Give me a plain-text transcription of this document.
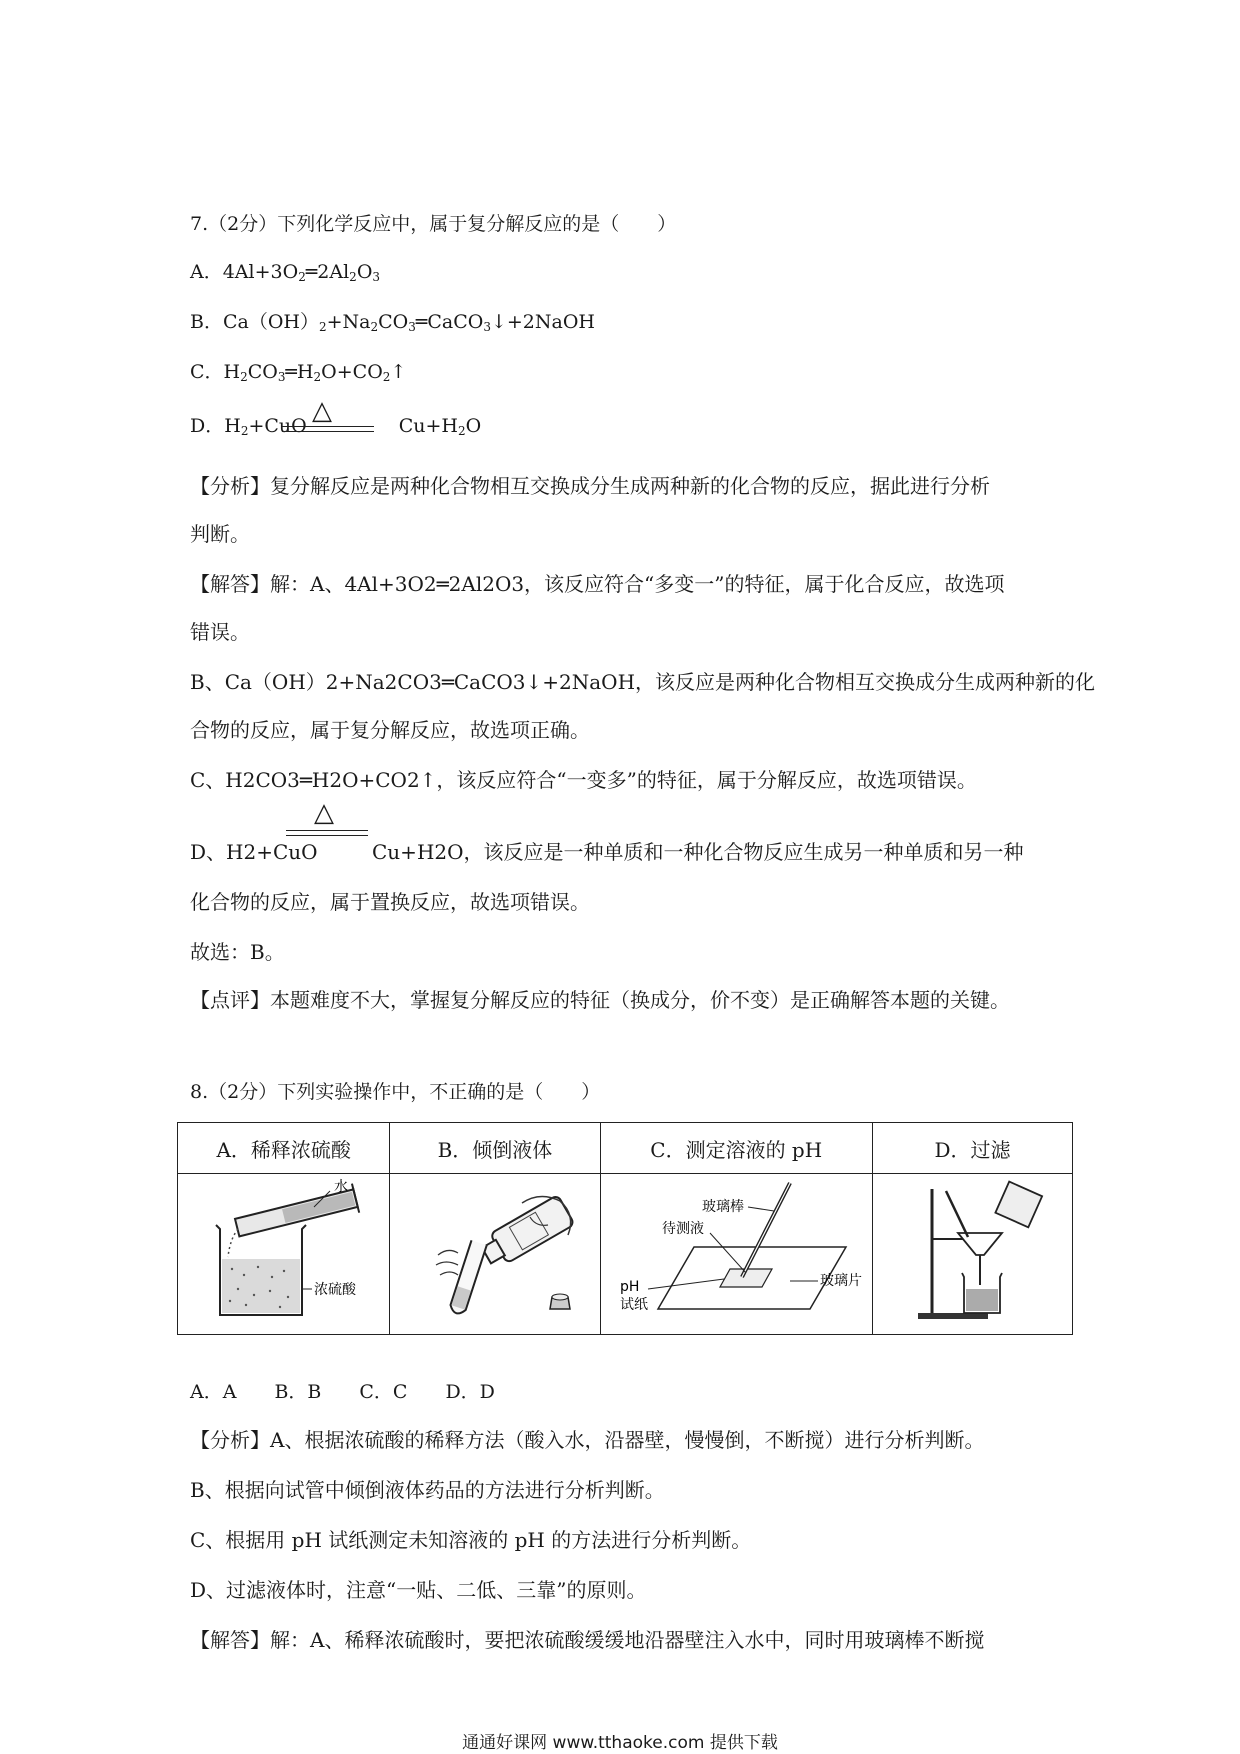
7.（2分）下列化学反应中，属于复分解反应的是（　　）
A．$4Al+3O_2═2Al_2O_3$
B．$Ca(OH)_2+Na_2CO_3═CaCO_3↓+2NaOH$
C．$H_2CO_3═H_2O+CO_2↑$
D．$H_2+CuO$	$Cu+H_2O$
△
【分析】复分解反应是两种化合物相互交换成分生成两种新的化合物的反应，据此进行分析
判断。
【解答】解：A、4Al+3O2═2Al2O3，该反应符合“多变一”的特征，属于化合反应，故选项
错误。
B、Ca（OH）2+Na2CO3═CaCO3↓+2NaOH，该反应是两种化合物相互交换成分生成两种新的化
合物的反应，属于复分解反应，故选项正确。
C、H2CO3═H2O+CO2↑，该反应符合“一变多”的特征，属于分解反应，故选项错误。
△
D、H2+CuO	Cu+H2O，该反应是一种单质和一种化合物反应生成另一种单质和另一种
化合物的反应，属于置换反应，故选项错误。
故选：B。
【点评】本题难度不大，掌握复分解反应的特征（换成分，价不变）是正确解答本题的关键。
8.（2分）下列实验操作中，不正确的是（　　）
A．稀释浓硫酸	B．倾倒液体	C．测定溶液的 pH	D．过滤

水
浓硫酸		玻璃棒
待测液
玻璃片
pH
试纸

A．A　　B．B　　C．C　　D．D
【分析】A、根据浓硫酸的稀释方法（酸入水，沿器壁，慢慢倒，不断搅）进行分析判断。
B、根据向试管中倾倒液体药品的方法进行分析判断。
C、根据用 pH 试纸测定未知溶液的 pH 的方法进行分析判断。
D、过滤液体时，注意“一贴、二低、三靠”的原则。
【解答】解：A、稀释浓硫酸时，要把浓硫酸缓缓地沿器壁注入水中，同时用玻璃棒不断搅
通通好课网 www.tthaoke.com 提供下载
